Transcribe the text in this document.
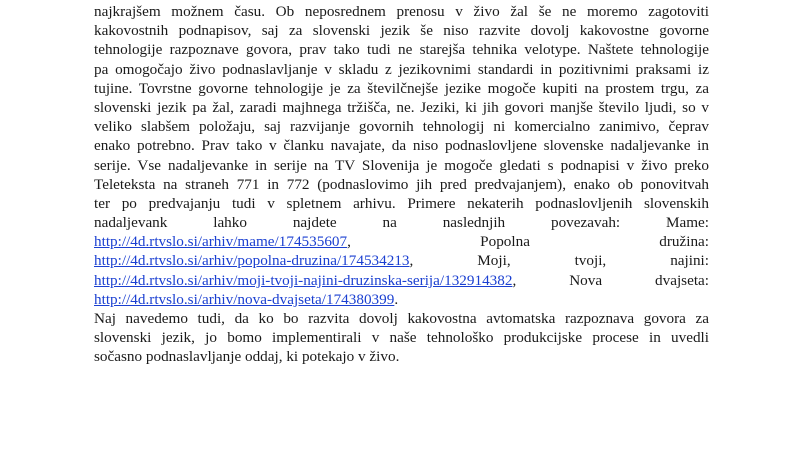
najkrajšem možnem času. Ob neposrednem prenosu v živo žal še ne moremo zagotoviti
kakovostnih podnapisov, saj za slovenski jezik še niso razvite dovolj kakovostne govorne
tehnologije razpoznave govora, prav tako tudi ne starejša tehnika velotype. Naštete tehnologije
pa omogočajo živo podnaslavljanje v skladu z jezikovnimi standardi in pozitivnimi praksami iz
tujine. Tovrstne govorne tehnologije je za številčnejše jezike mogoče kupiti na prostem trgu, za
slovenski jezik pa žal, zaradi majhnega tržišča, ne. Jeziki, ki jih govori manjše število ljudi, so v
veliko slabšem položaju, saj razvijanje govornih tehnologij ni komercialno zanimivo, čeprav
enako potrebno. Prav tako v članku navajate, da niso podnaslovljene slovenske nadaljevanke in
serije. Vse nadaljevanke in serije na TV Slovenija je mogoče gledati s podnapisi v živo preko
Teleteksta na straneh 771 in 772 (podnaslovimo jih pred predvajanjem), enako ob ponovitvah
ter po predvajanju tudi v spletnem arhivu. Primere nekaterih podnaslovljenih slovenskih
nadaljevank	lahko	najdete	na	naslednjih	povezavah:	Mame:
http://4d.rtvslo.si/arhiv/mame/174535607,	Popolna	družina:
http://4d.rtvslo.si/arhiv/popolna-druzina/174534213,	Moji,	tvoji,	najini:
http://4d.rtvslo.si/arhiv/moji-tvoji-najini-druzinska-serija/132914382,	Nova	dvajseta:
http://4d.rtvslo.si/arhiv/nova-dvajseta/174380399.
Naj navedemo tudi, da ko bo razvita dovolj kakovostna avtomatska razpoznava govora za
slovenski jezik, jo bomo implementirali v naše tehnološko produkcijske procese in uvedli
sočasno podnaslavljanje oddaj, ki potekajo v živo.
